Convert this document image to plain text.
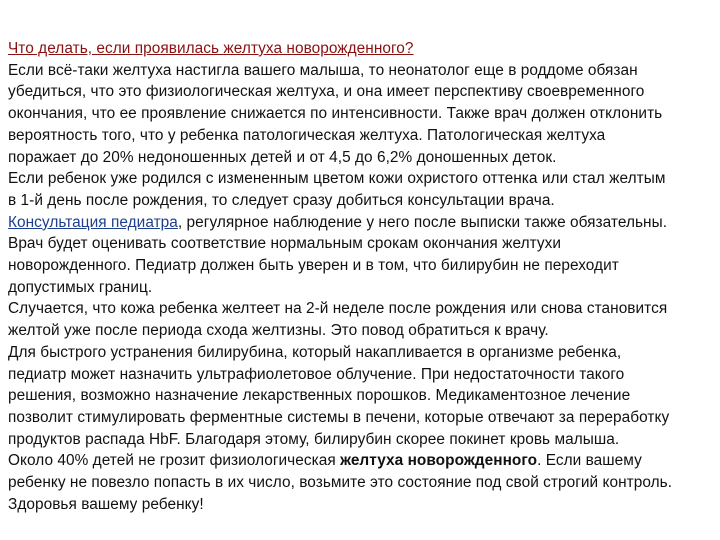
Что делать, если проявилась желтуха новорожденного?
Если всё-таки желтуха настигла вашего малыша, то неонатолог еще в роддоме обязан
убедиться, что это физиологическая желтуха, и она имеет перспективу своевременного
окончания, что ее проявление снижается по интенсивности. Также врач должен отклонить
вероятность того, что у ребенка патологическая желтуха. Патологическая желтуха
поражает до 20% недоношенных детей и от 4,5 до 6,2% доношенных деток.
Если ребенок уже родился с измененным цветом кожи охристого оттенка или стал желтым
в 1-й день после рождения, то следует сразу добиться консультации врача.
Консультация педиатра, регулярное наблюдение у него после выписки также обязательны.
Врач будет оценивать соответствие нормальным срокам окончания желтухи
новорожденного. Педиатр должен быть уверен и в том, что билирубин не переходит
допустимых границ.
Случается, что кожа ребенка желтеет на 2-й неделе после рождения или снова становится
желтой уже после периода схода желтизны. Это повод обратиться к врачу.
Для быстрого устранения билирубина, который накапливается в организме ребенка,
педиатр может назначить ультрафиолетовое облучение. При недостаточности такого
решения, возможно назначение лекарственных порошков. Медикаментозное лечение
позволит стимулировать ферментные системы в печени, которые отвечают за переработку
продуктов распада HbF. Благодаря этому, билирубин скорее покинет кровь малыша.
Около 40% детей не грозит физиологическая желтуха новорожденного. Если вашему
ребенку не повезло попасть в их число, возьмите это состояние под свой строгий контроль.
Здоровья вашему ребенку!
